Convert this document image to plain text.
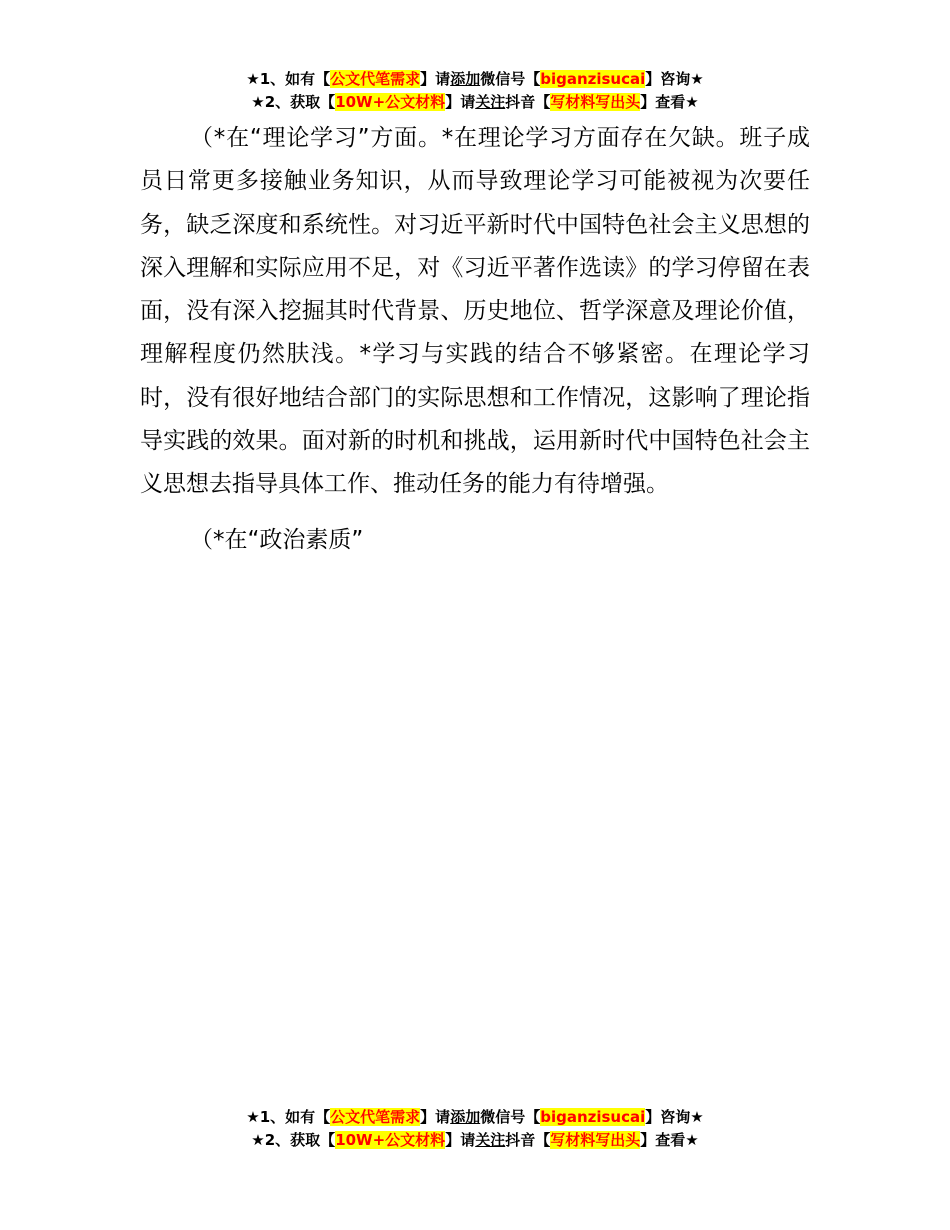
★1、如有【公文代笔需求】请添加微信号【biganzisucai】咨询★
★2、获取【10W+公文材料】请关注抖音【写材料写出头】查看★

（*在“理论学习”方面。*在理论学习方面存在欠缺。班子成员日常更多接触业务知识，从而导致理论学习可能被视为次要任务，缺乏深度和系统性。对习近平新时代中国特色社会主义思想的深入理解和实际应用不足，对《习近平著作选读》的学习停留在表面，没有深入挖掘其时代背景、历史地位、哲学深意及理论价值，理解程度仍然肤浅。*学习与实践的结合不够紧密。在理论学习时，没有很好地结合部门的实际思想和工作情况，这影响了理论指导实践的效果。面对新的时机和挑战，运用新时代中国特色社会主义思想去指导具体工作、推动任务的能力有待增强。

（*在“政治素质”

★1、如有【公文代笔需求】请添加微信号【biganzisucai】咨询★
★2、获取【10W+公文材料】请关注抖音【写材料写出头】查看★
